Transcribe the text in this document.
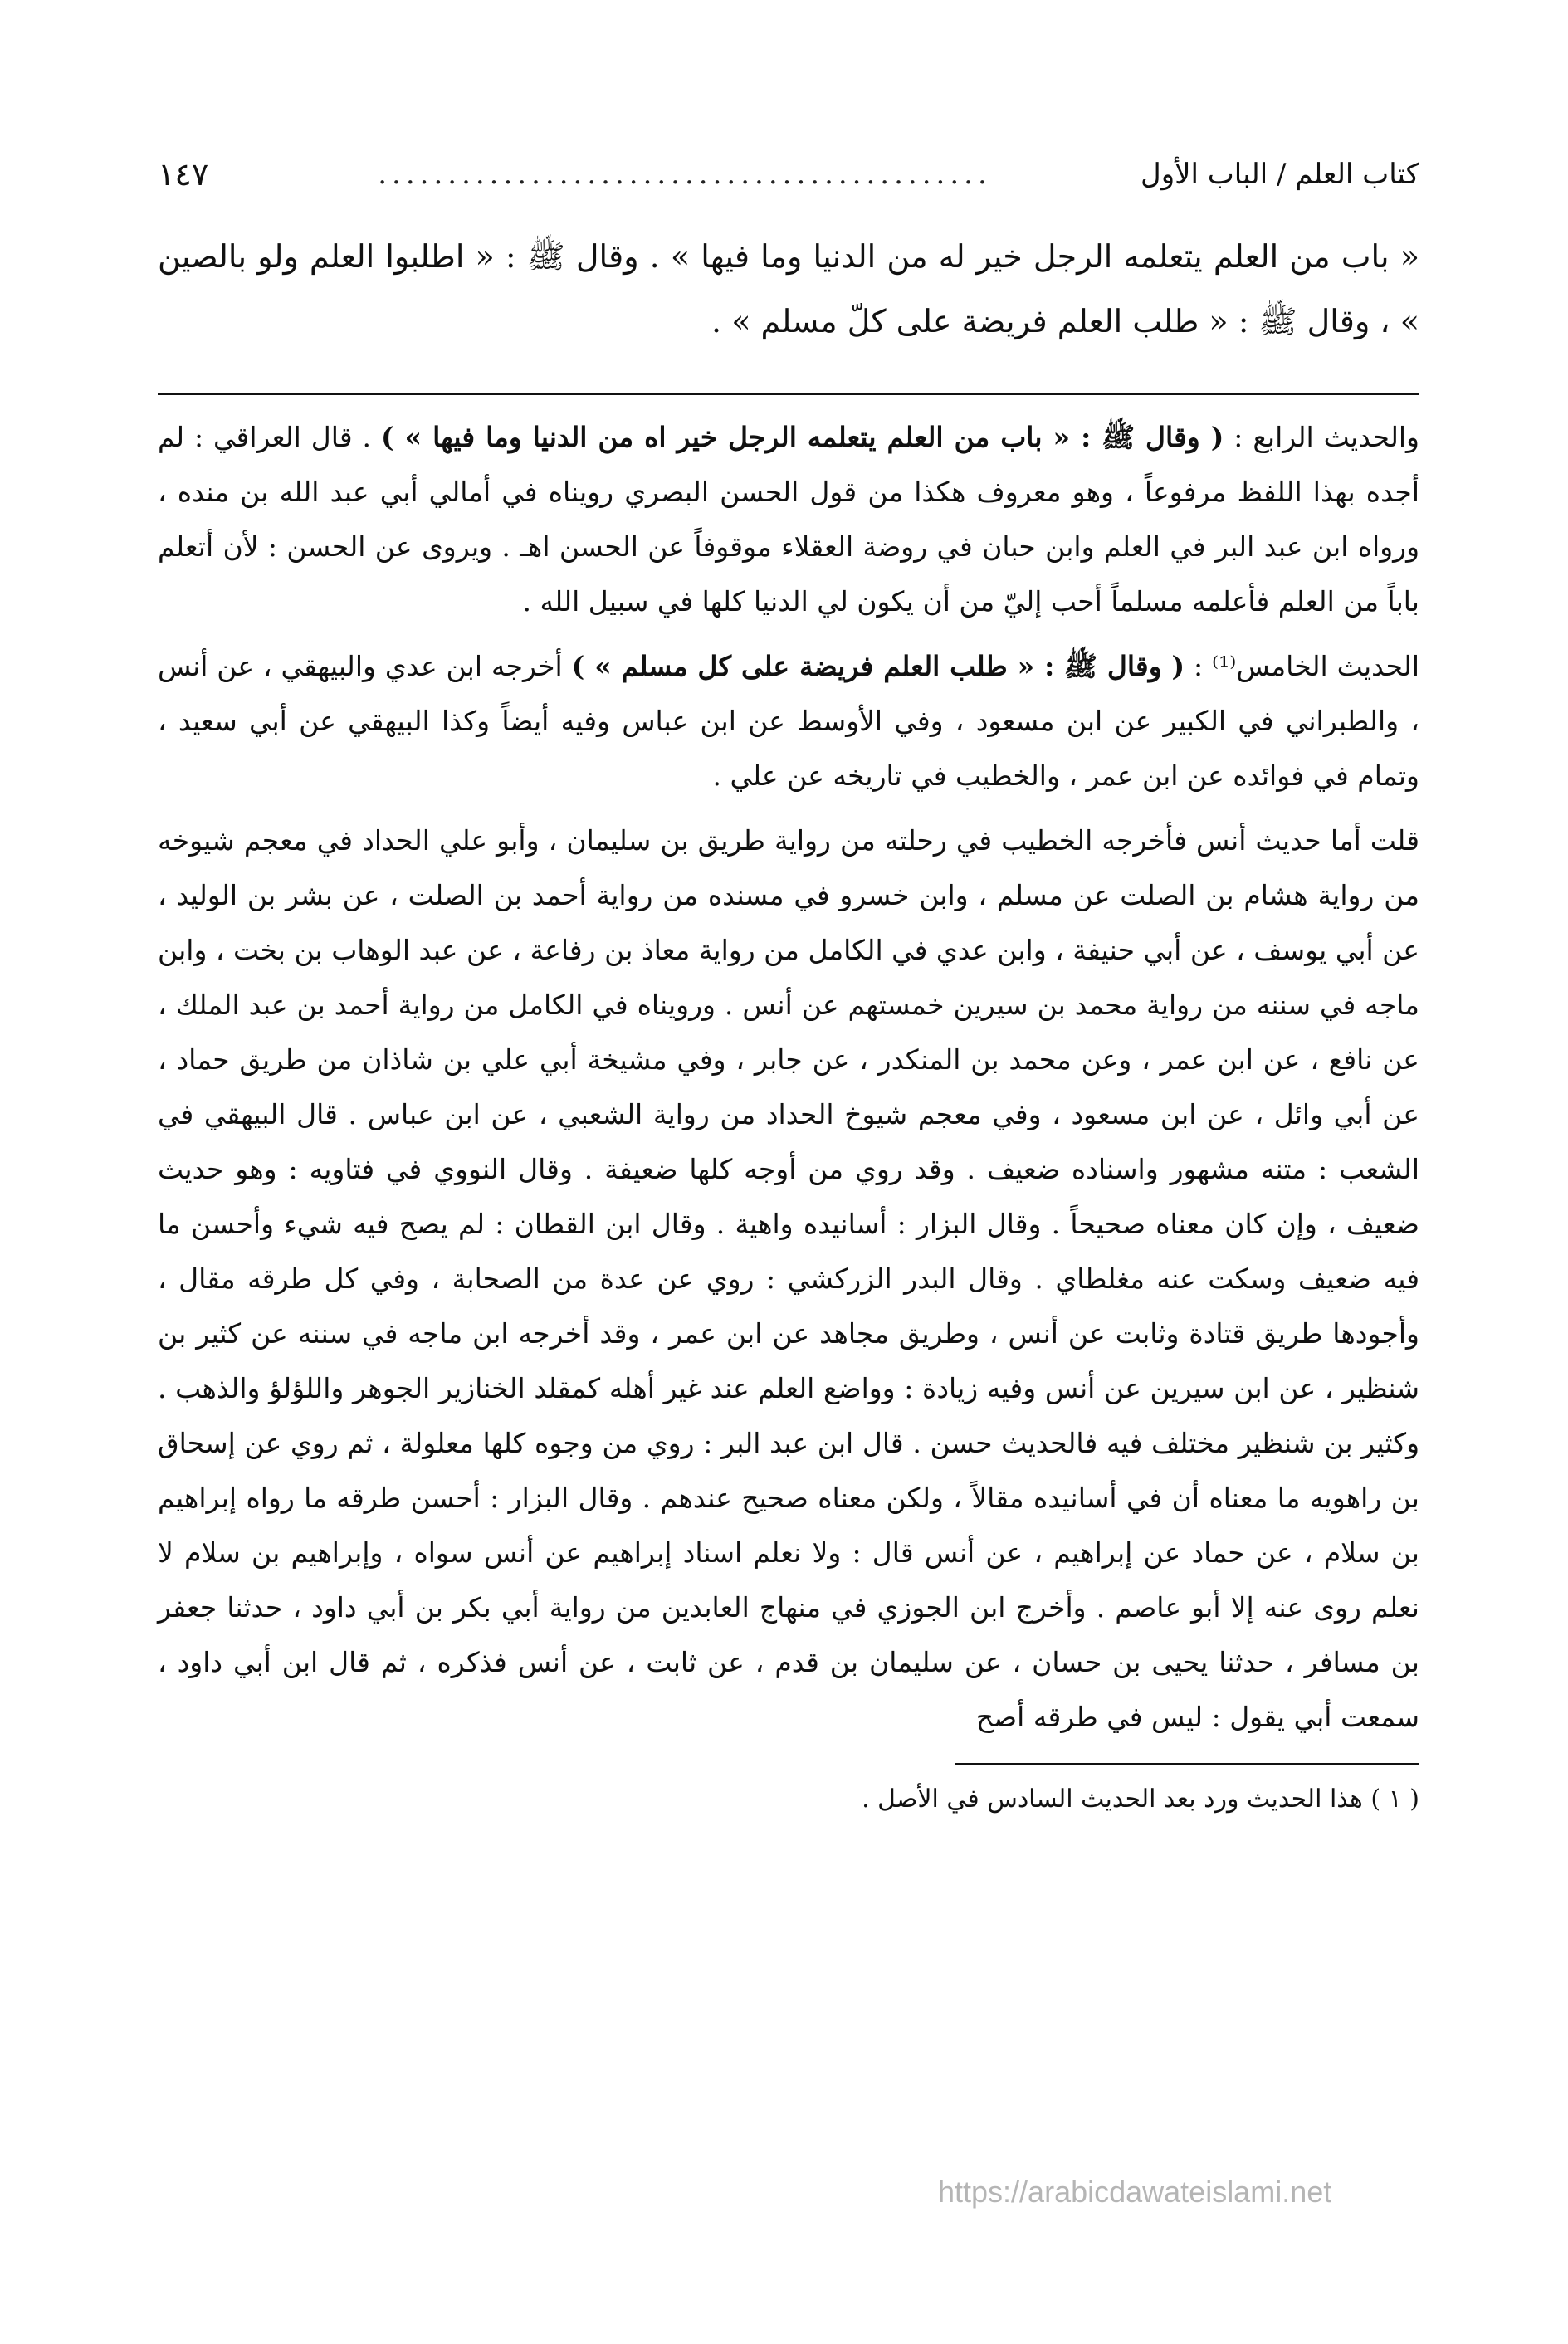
كتاب العلم / الباب الأول
............................................
١٤٧
« باب من العلم يتعلمه الرجل خير له من الدنيا وما فيها » . وقال ﷺ : « اطلبوا العلم ولو بالصين » ، وقال ﷺ : « طلب العلم فريضة على كلّ مسلم » .

والحديث الرابع : ( وقال ﷺ : « باب من العلم يتعلمه الرجل خير اه من الدنيا وما فيها » ) . قال العراقي : لم أجده بهذا اللفظ مرفوعاً ، وهو معروف هكذا من قول الحسن البصري رويناه في أمالي أبي عبد الله بن منده ، ورواه ابن عبد البر في العلم وابن حبان في روضة العقلاء موقوفاً عن الحسن اهـ . ويروى عن الحسن : لأن أتعلم باباً من العلم فأعلمه مسلماً أحب إليّ من أن يكون لي الدنيا كلها في سبيل الله .

الحديث الخامس⁽¹⁾ : ( وقال ﷺ : « طلب العلم فريضة على كل مسلم » ) أخرجه ابن عدي والبيهقي ، عن أنس ، والطبراني في الكبير عن ابن مسعود ، وفي الأوسط عن ابن عباس وفيه أيضاً وكذا البيهقي عن أبي سعيد ، وتمام في فوائده عن ابن عمر ، والخطيب في تاريخه عن علي .

قلت أما حديث أنس فأخرجه الخطيب في رحلته من رواية طريق بن سليمان ، وأبو علي الحداد في معجم شيوخه من رواية هشام بن الصلت عن مسلم ، وابن خسرو في مسنده من رواية أحمد بن الصلت ، عن بشر بن الوليد ، عن أبي يوسف ، عن أبي حنيفة ، وابن عدي في الكامل من رواية معاذ بن رفاعة ، عن عبد الوهاب بن بخت ، وابن ماجه في سننه من رواية محمد بن سيرين خمستهم عن أنس . ورويناه في الكامل من رواية أحمد بن عبد الملك ، عن نافع ، عن ابن عمر ، وعن محمد بن المنكدر ، عن جابر ، وفي مشيخة أبي علي بن شاذان من طريق حماد ، عن أبي وائل ، عن ابن مسعود ، وفي معجم شيوخ الحداد من رواية الشعبي ، عن ابن عباس . قال البيهقي في الشعب : متنه مشهور واسناده ضعيف . وقد روي من أوجه كلها ضعيفة . وقال النووي في فتاويه : وهو حديث ضعيف ، وإن كان معناه صحيحاً . وقال البزار : أسانيده واهية . وقال ابن القطان : لم يصح فيه شيء وأحسن ما فيه ضعيف وسكت عنه مغلطاي . وقال البدر الزركشي : روي عن عدة من الصحابة ، وفي كل طرقه مقال ، وأجودها طريق قتادة وثابت عن أنس ، وطريق مجاهد عن ابن عمر ، وقد أخرجه ابن ماجه في سننه عن كثير بن شنظير ، عن ابن سيرين عن أنس وفيه زيادة : وواضع العلم عند غير أهله كمقلد الخنازير الجوهر واللؤلؤ والذهب . وكثير بن شنظير مختلف فيه فالحديث حسن . قال ابن عبد البر : روي من وجوه كلها معلولة ، ثم روي عن إسحاق بن راهويه ما معناه أن في أسانيده مقالاً ، ولكن معناه صحيح عندهم . وقال البزار : أحسن طرقه ما رواه إبراهيم بن سلام ، عن حماد عن إبراهيم ، عن أنس قال : ولا نعلم اسناد إبراهيم عن أنس سواه ، وإبراهيم بن سلام لا نعلم روى عنه إلا أبو عاصم . وأخرج ابن الجوزي في منهاج العابدين من رواية أبي بكر بن أبي داود ، حدثنا جعفر بن مسافر ، حدثنا يحيى بن حسان ، عن سليمان بن قدم ، عن ثابت ، عن أنس فذكره ، ثم قال ابن أبي داود ، سمعت أبي يقول : ليس في طرقه أصح

( ١ ) هذا الحديث ورد بعد الحديث السادس في الأصل .
https://arabicdawateislami.net
